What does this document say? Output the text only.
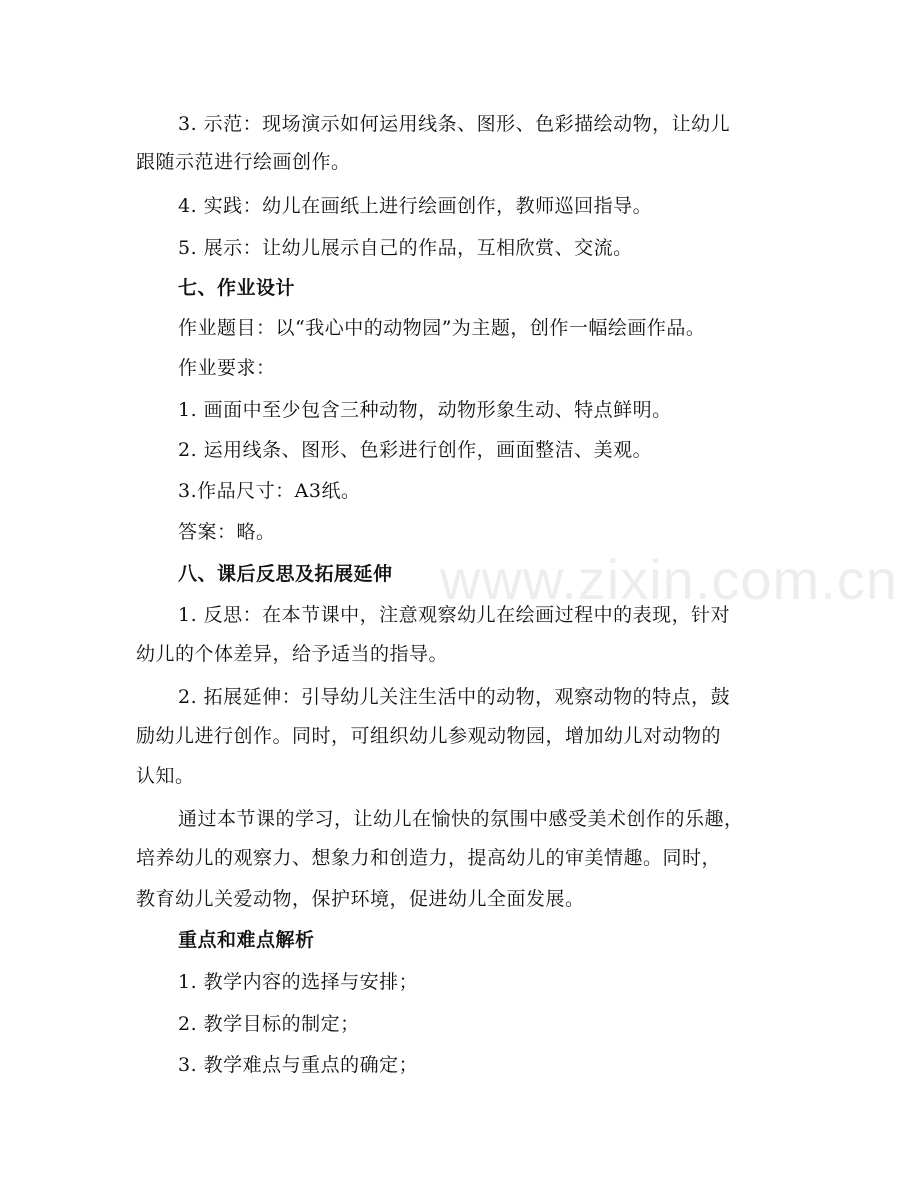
www.zixin.com.cn
3. 示范：现场演示如何运用线条、图形、色彩描绘动物，让幼儿
跟随示范进行绘画创作。
4. 实践：幼儿在画纸上进行绘画创作，教师巡回指导。
5. 展示：让幼儿展示自己的作品，互相欣赏、交流。
七、作业设计
作业题目：以“我心中的动物园”为主题，创作一幅绘画作品。
作业要求：
1. 画面中至少包含三种动物，动物形象生动、特点鲜明。
2. 运用线条、图形、色彩进行创作，画面整洁、美观。
3.作品尺寸：A3纸。
答案：略。
八、课后反思及拓展延伸
1. 反思：在本节课中，注意观察幼儿在绘画过程中的表现，针对
幼儿的个体差异，给予适当的指导。
2. 拓展延伸：引导幼儿关注生活中的动物，观察动物的特点，鼓
励幼儿进行创作。同时，可组织幼儿参观动物园，增加幼儿对动物的
认知。
通过本节课的学习，让幼儿在愉快的氛围中感受美术创作的乐趣，
培养幼儿的观察力、想象力和创造力，提高幼儿的审美情趣。同时，
教育幼儿关爱动物，保护环境，促进幼儿全面发展。
重点和难点解析
1. 教学内容的选择与安排；
2. 教学目标的制定；
3. 教学难点与重点的确定；
